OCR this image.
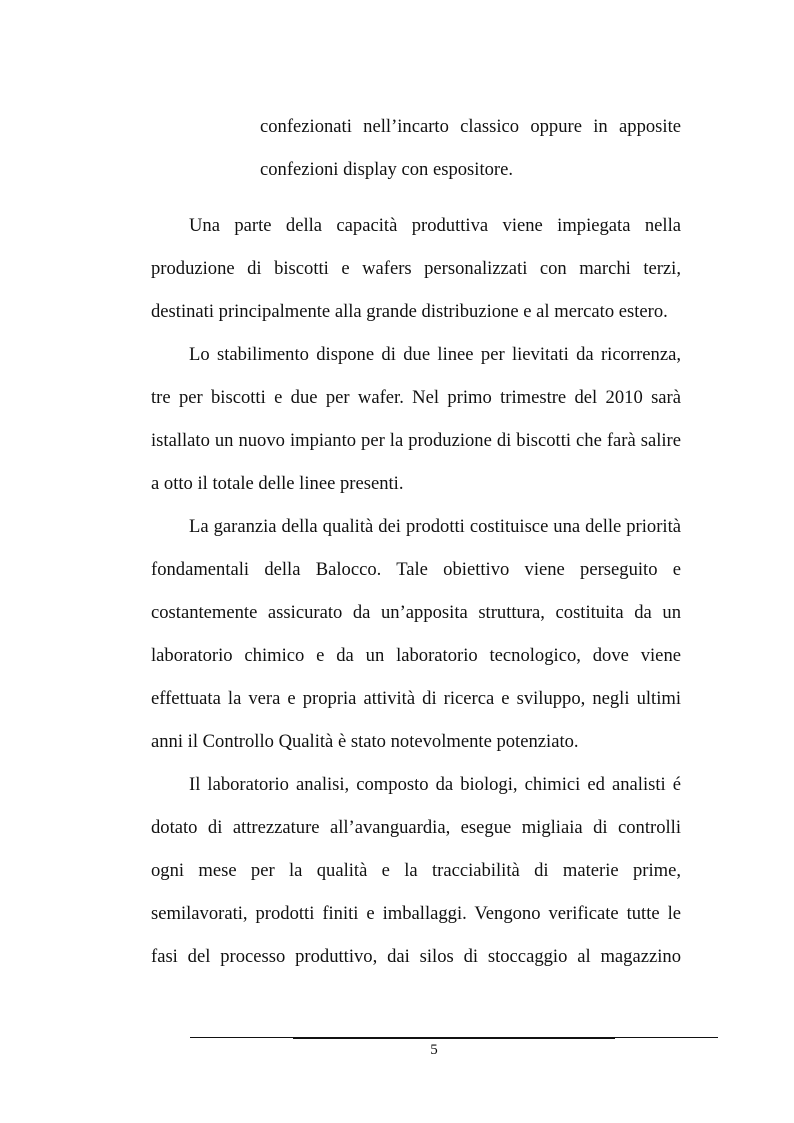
confezionati nell’incarto classico oppure in apposite
confezioni display con espositore.
Una parte della capacità produttiva viene impiegata nella
produzione di biscotti e wafers personalizzati con marchi terzi,
destinati principalmente alla grande distribuzione e al mercato estero.
Lo stabilimento dispone di due linee per lievitati da ricorrenza,
tre per biscotti e due per wafer. Nel primo trimestre del 2010 sarà
istallato un nuovo impianto per la produzione di biscotti che farà salire
a otto il totale delle linee presenti.
La garanzia della qualità dei prodotti costituisce una delle priorità
fondamentali della Balocco. Tale obiettivo viene perseguito e
costantemente assicurato da un’apposita struttura, costituita da un
laboratorio chimico e da un laboratorio tecnologico, dove viene
effettuata la vera e propria attività di ricerca e sviluppo, negli ultimi
anni il Controllo Qualità è stato notevolmente potenziato.
Il laboratorio analisi, composto da biologi, chimici ed analisti é
dotato di attrezzature all’avanguardia, esegue migliaia di controlli
ogni mese per la qualità e la tracciabilità di materie prime,
semilavorati, prodotti finiti e imballaggi. Vengono verificate tutte le
fasi del processo produttivo, dai silos di stoccaggio al magazzino
5
